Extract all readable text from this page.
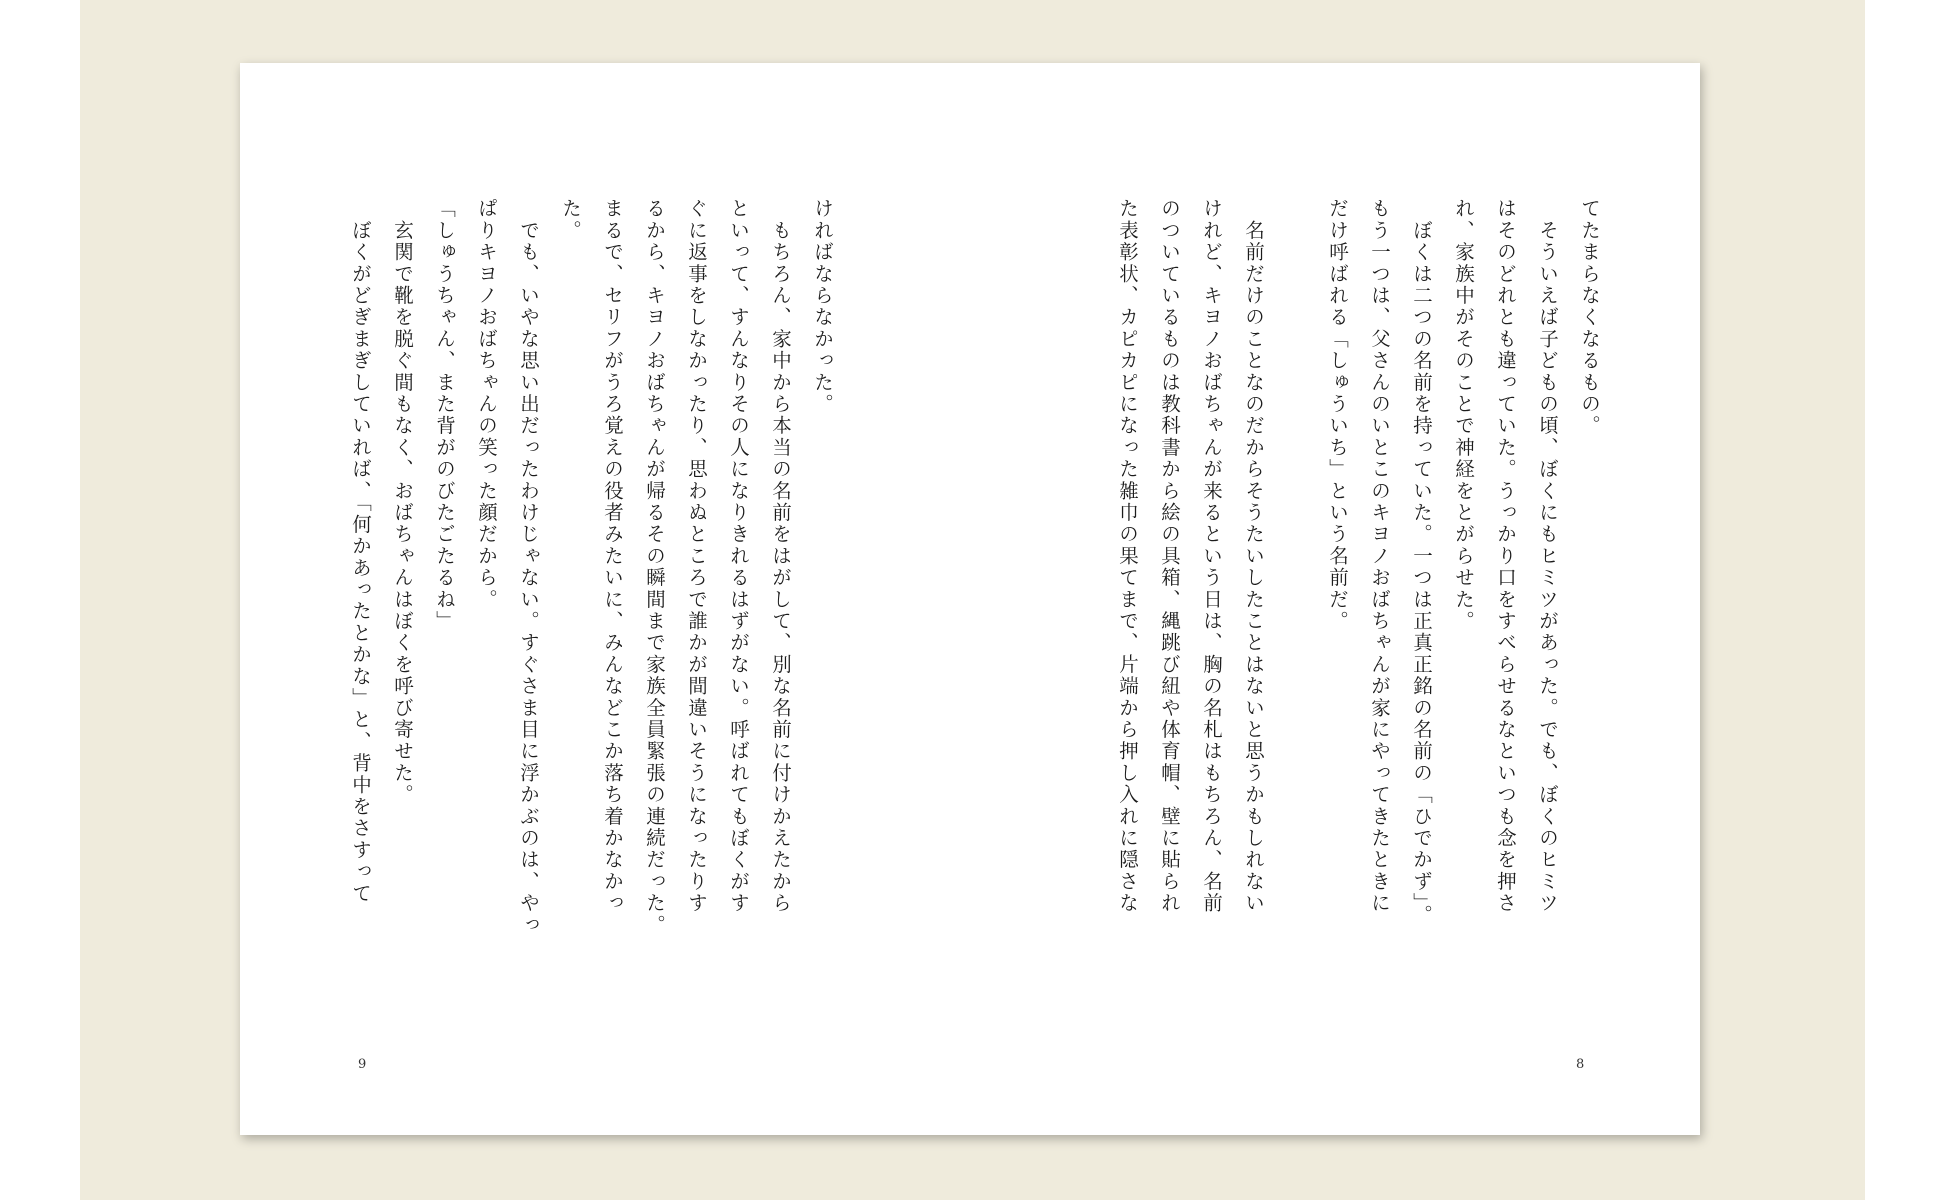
てたまらなくなるもの。
　そういえば子どもの頃、ぼくにもヒミツがあった。でも、ぼくのヒミツ
はそのどれとも違っていた。うっかり口をすべらせるなといつも念を押さ
れ、家族中がそのことで神経をとがらせた。
　ぼくは二つの名前を持っていた。一つは正真正銘の名前の「ひでかず」。
もう一つは、父さんのいとこのキヨノおばちゃんが家にやってきたときに
だけ呼ばれる「しゅういち」という名前だ。

　名前だけのことなのだからそうたいしたことはないと思うかもしれない
けれど、キヨノおばちゃんが来るという日は、胸の名札はもちろん、名前
のついているものは教科書から絵の具箱、縄跳び紐や体育帽、壁に貼られ
た表彰状、カピカピになった雑巾の果てまで、片端から押し入れに隠さな
ければならなかった。
　もちろん、家中から本当の名前をはがして、別な名前に付けかえたから
といって、すんなりその人になりきれるはずがない。呼ばれてもぼくがす
ぐに返事をしなかったり、思わぬところで誰かが間違いそうになったりす
るから、キヨノおばちゃんが帰るその瞬間まで家族全員緊張の連続だった。
まるで、セリフがうろ覚えの役者みたいに、みんなどこか落ち着かなかっ
た。
　でも、いやな思い出だったわけじゃない。すぐさま目に浮かぶのは、やっ
ぱりキヨノおばちゃんの笑った顔だから。
「しゅうちゃん、また背がのびたごたるね」
　玄関で靴を脱ぐ間もなく、おばちゃんはぼくを呼び寄せた。
　ぼくがどぎまぎしていれば、「何かあったとかな」と、背中をさすって
9	8
